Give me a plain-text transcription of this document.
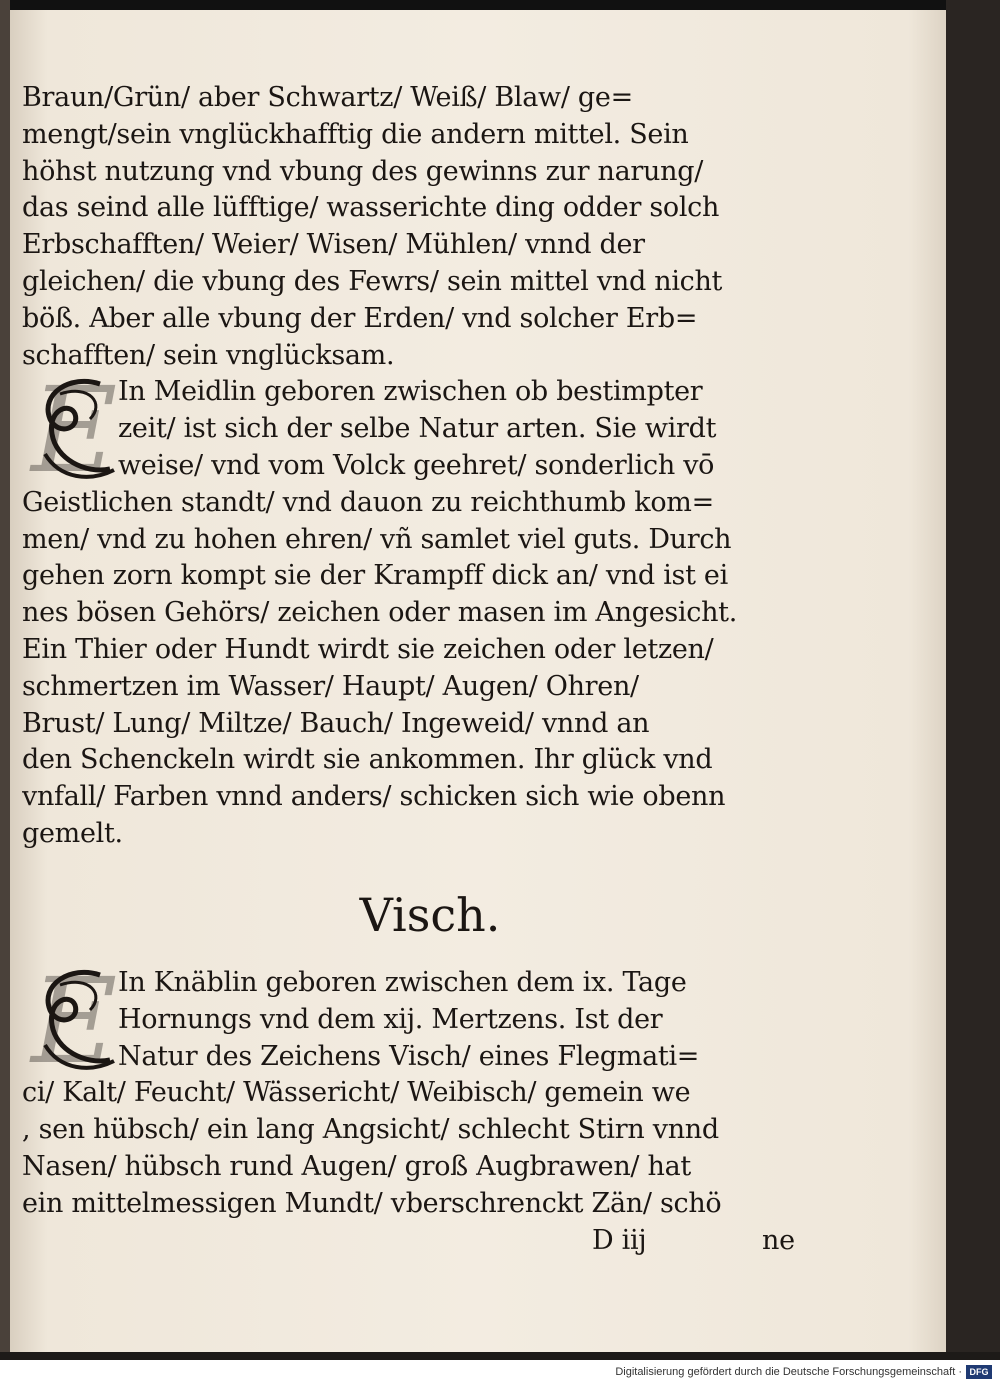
Braun/Grün/ aber Schwartz/ Weiß/ Blaw/ ge=
mengt/sein vnglückhafftig die andern mittel. Sein
höhst nutzung vnd vbung des gewinns zur narung/
das seind alle lüfftige/ wasserichte ding odder solch
Erbschafften/ Weier/ Wisen/ Mühlen/ vnnd der
gleichen/ die vbung des Fewrs/ sein mittel vnd nicht
böß. Aber alle vbung der Erden/ vnd solcher Erb=
schafften/ sein vnglücksam.
E In Meidlin geboren zwischen ob bestimpter
zeit/ ist sich der selbe Natur arten. Sie wirdt
weise/ vnd vom Volck geehret/ sonderlich vō
Geistlichen standt/ vnd dauon zu reichthumb kom=
men/ vnd zu hohen ehren/ vñ samlet viel guts. Durch
gehen zorn kompt sie der Krampff dick an/ vnd ist ei
nes bösen Gehörs/ zeichen oder masen im Angesicht.
Ein Thier oder Hundt wirdt sie zeichen oder letzen/
schmertzen im Wasser/ Haupt/ Augen/ Ohren/
Brust/ Lung/ Miltze/ Bauch/ Ingeweid/ vnnd an
den Schenckeln wirdt sie ankommen. Ihr glück vnd
vnfall/ Farben vnnd anders/ schicken sich wie obenn
gemelt.
Visch.
E In Knäblin geboren zwischen dem ix. Tage
Hornungs vnd dem xij. Mertzens. Ist der
Natur des Zeichens Visch/ eines Flegmati=
ci/ Kalt/ Feucht/ Wässericht/ Weibisch/ gemein we
, sen hübsch/ ein lang Angsicht/ schlecht Stirn vnnd
Nasen/ hübsch rund Augen/ groß Augbrawen/ hat
ein mittelmessigen Mundt/ vberschrenckt Zän/ schö
D iij	ne
Digitalisierung gefördert durch die Deutsche Forschungsgemeinschaft · DFG
